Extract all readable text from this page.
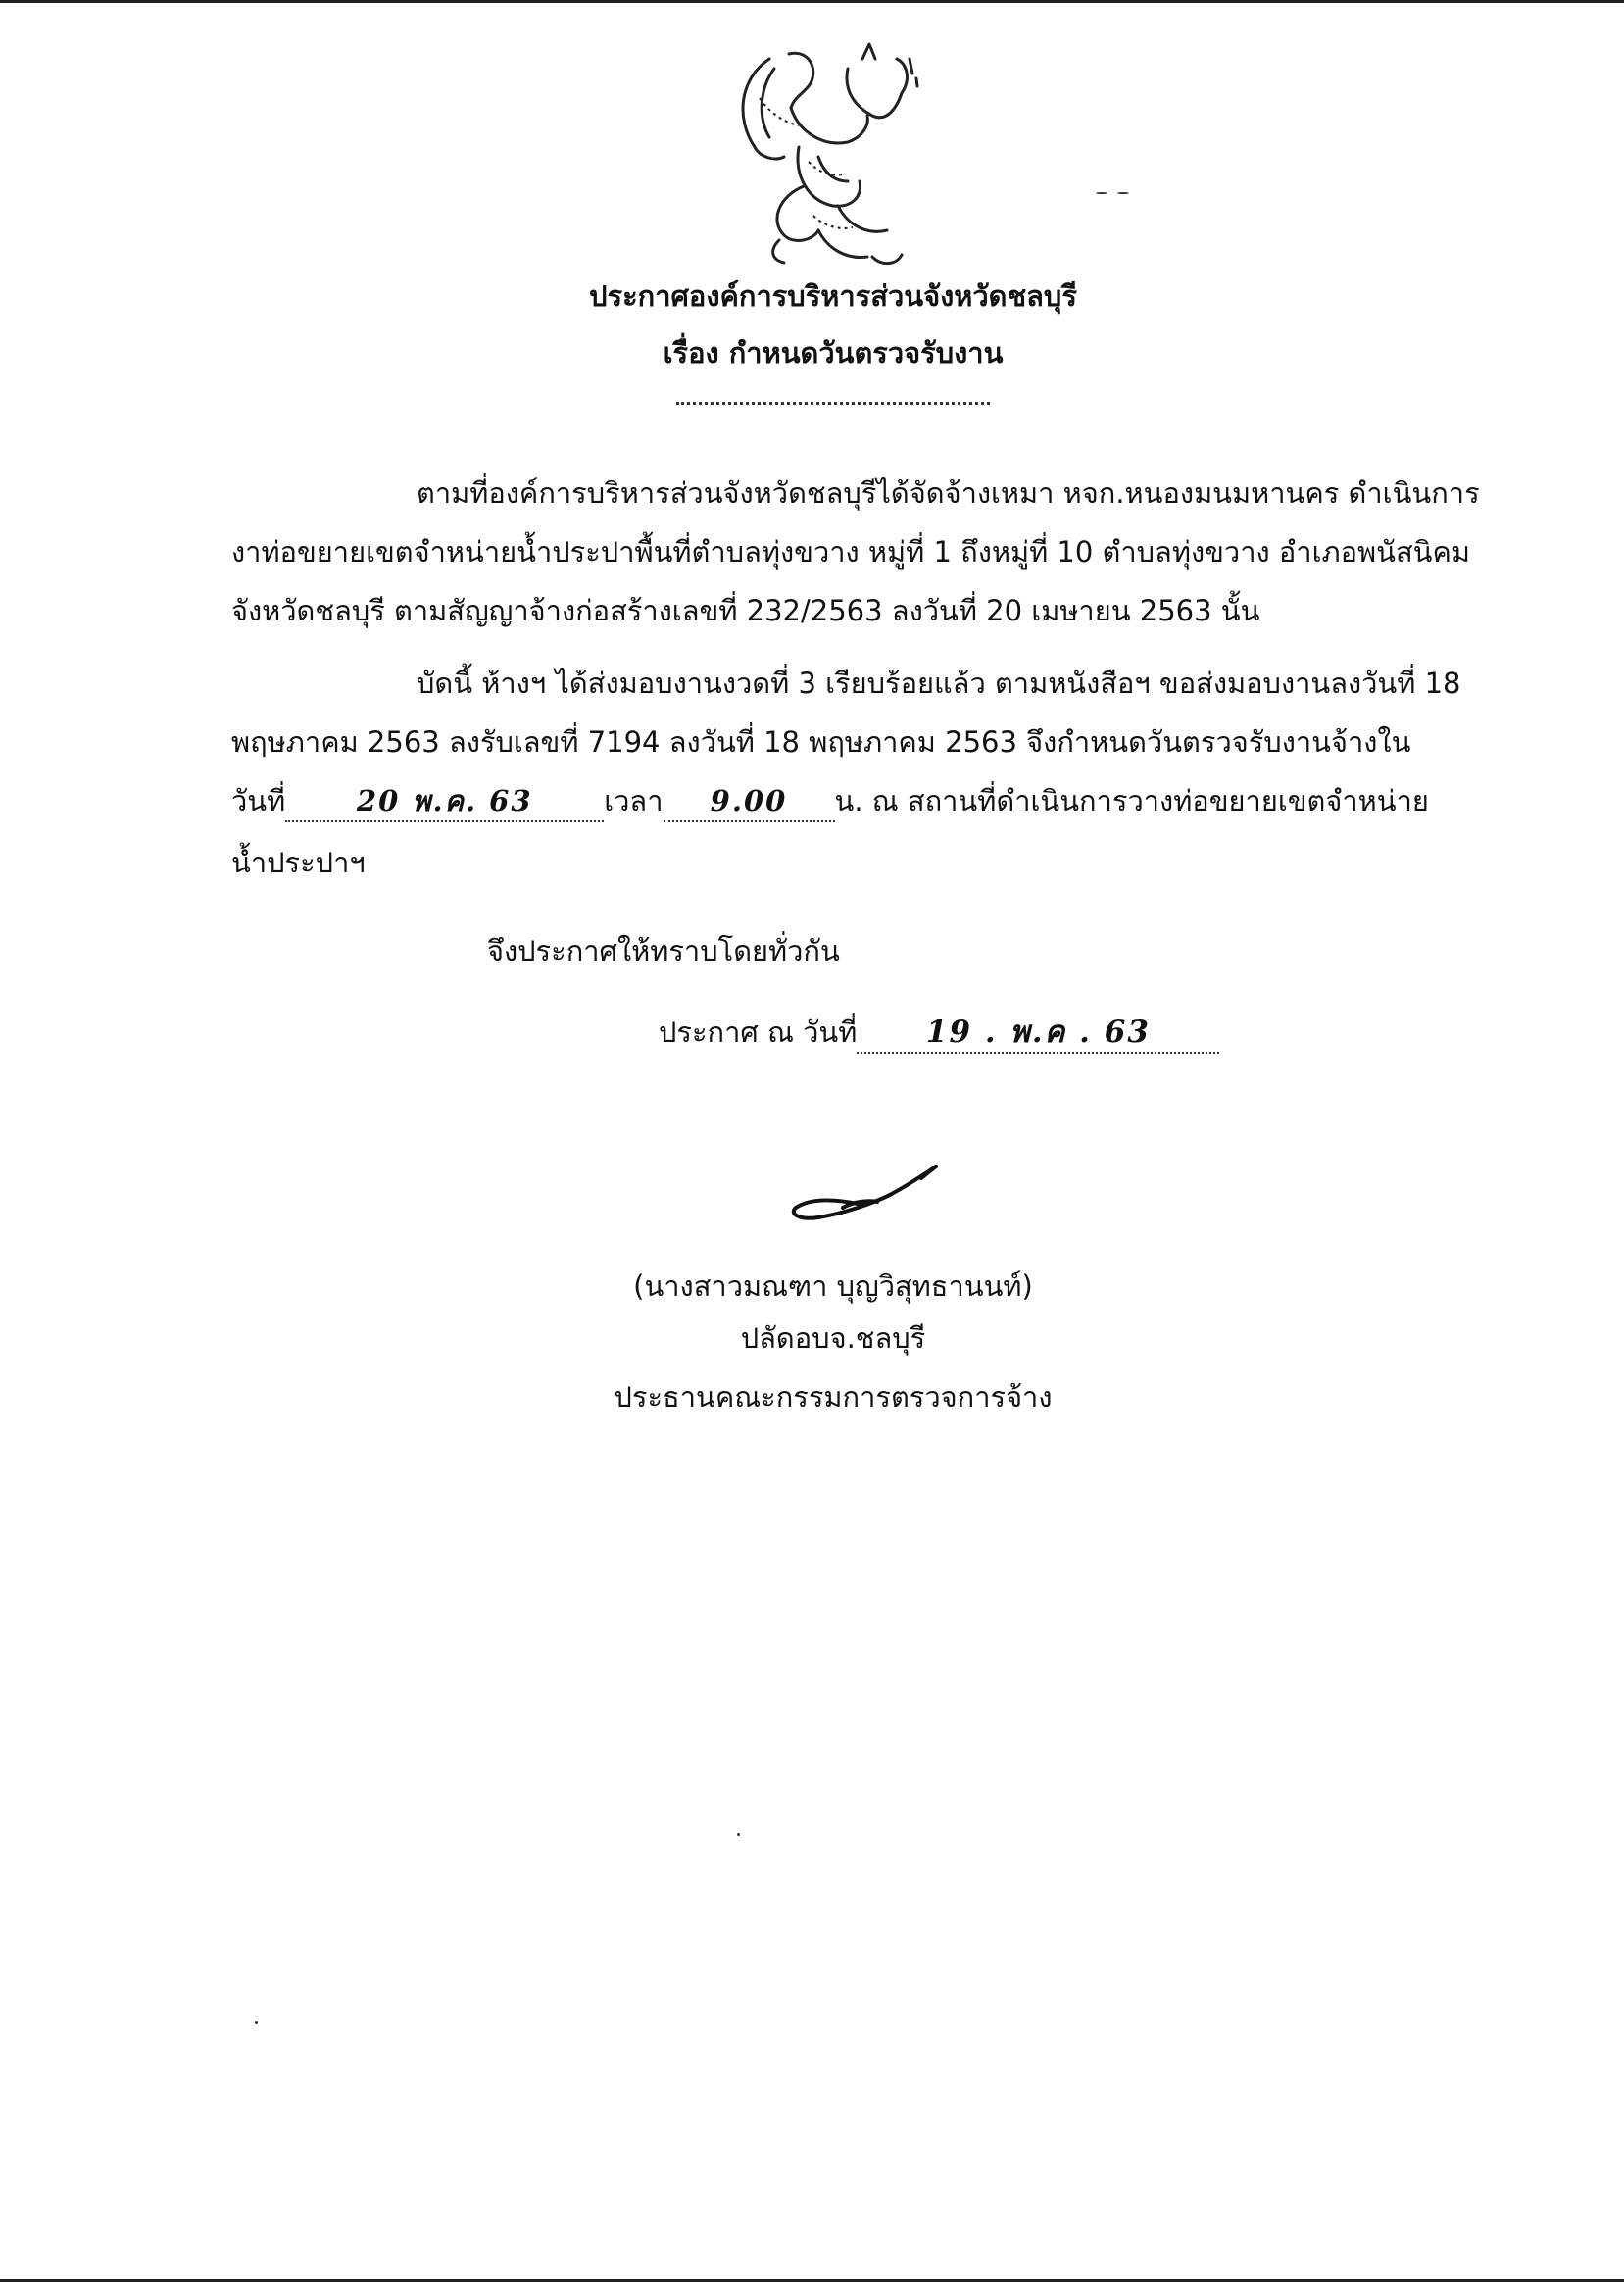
ประกาศองค์การบริหารส่วนจังหวัดชลบุรี
เรื่อง กำหนดวันตรวจรับงาน
ตามที่องค์การบริหารส่วนจังหวัดชลบุรีได้จัดจ้างเหมา หจก.หนองมนมหานคร ดำเนินการ
งาท่อขยายเขตจำหน่ายน้ำประปาพื้นที่ตำบลทุ่งขวาง หมู่ที่ 1 ถึงหมู่ที่ 10 ตำบลทุ่งขวาง อำเภอพนัสนิคม
จังหวัดชลบุรี ตามสัญญาจ้างก่อสร้างเลขที่ 232/2563 ลงวันที่ 20 เมษายน 2563 นั้น
บัดนี้ ห้างฯ ได้ส่งมอบงานงวดที่ 3 เรียบร้อยแล้ว ตามหนังสือฯ ขอส่งมอบงานลงวันที่ 18
พฤษภาคม 2563 ลงรับเลขที่ 7194 ลงวันที่ 18 พฤษภาคม 2563 จึงกำหนดวันตรวจรับงานจ้างใน
วันที่	20 พ.ค. 63	เวลา 9.00 น. ณ สถานที่ดำเนินการวางท่อขยายเขตจำหน่าย
น้ำประปาฯ
จึงประกาศให้ทราบโดยทั่วกัน
ประกาศ ณ วันที่ 19 . พ.ค . 63
(นางสาวมณฑา บุญวิสุทธานนท์)
ปลัดอบจ.ชลบุรี
ประธานคณะกรรมการตรวจการจ้าง
